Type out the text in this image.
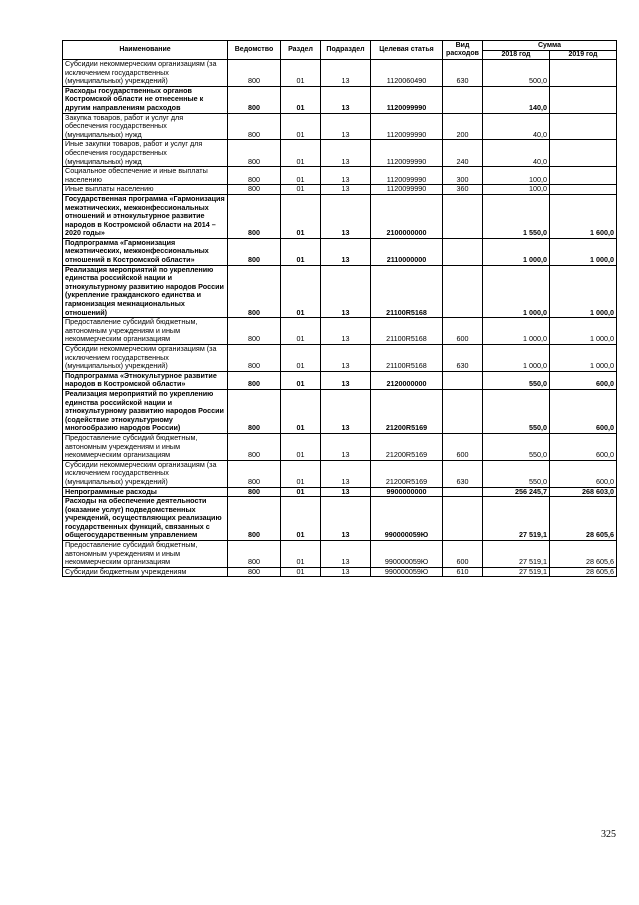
Наименование	Ведомство	Раздел	Подраздел	Целевая статья	Вид расходов	Сумма	
						2018 год	2019 год
Субсидии некоммерческим организациям (за исключением государственных (муниципальных) учреждений)	800	01	13	1120060490	630	500,0	
Расходы государственных органов Костромской области не отнесенные к другим направлениям расходов	800	01	13	1120099990		140,0	
Закупка товаров, работ и услуг для обеспечения государственных (муниципальных) нужд	800	01	13	1120099990	200	40,0	
Иные закупки товаров, работ и услуг для обеспечения государственных (муниципальных) нужд	800	01	13	1120099990	240	40,0	
Социальное обеспечение и иные выплаты населению	800	01	13	1120099990	300	100,0	
Иные выплаты населению	800	01	13	1120099990	360	100,0	
Государственная программа «Гармонизация межэтнических, межконфессиональных отношений и этнокультурное развитие народов в Костромской области на 2014 – 2020 годы»	800	01	13	2100000000		1 550,0	1 600,0
Подпрограмма «Гармонизация межэтнических, межконфессиональных отношений в Костромской области»	800	01	13	2110000000		1 000,0	1 000,0
Реализация мероприятий по укреплению единства российской нации и этнокультурному развитию народов России (укрепление гражданского единства и гармонизация межнациональных отношений)	800	01	13	21100R5168		1 000,0	1 000,0
Предоставление субсидий бюджетным, автономным учреждениям и иным некоммерческим организациям	800	01	13	21100R5168	600	1 000,0	1 000,0
Субсидии некоммерческим организациям (за исключением государственных (муниципальных) учреждений)	800	01	13	21100R5168	630	1 000,0	1 000,0
Подпрограмма «Этнокультурное развитие народов в Костромской области»	800	01	13	2120000000		550,0	600,0
Реализация мероприятий по укреплению единства российской нации и этнокультурному развитию народов России (содействие этнокультурному многообразию народов России)	800	01	13	21200R5169		550,0	600,0
Предоставление субсидий бюджетным, автономным учреждениям и иным некоммерческим организациям	800	01	13	21200R5169	600	550,0	600,0
Субсидии некоммерческим организациям (за исключением государственных (муниципальных) учреждений)	800	01	13	21200R5169	630	550,0	600,0
Непрограммные расходы	800	01	13	9900000000		256 245,7	268 603,0
Расходы на обеспечение деятельности (оказание услуг) подведомственных учреждений, осуществляющих реализацию государственных функций, связанных с общегосударственным управлением	800	01	13	990000059Ю		27 519,1	28 605,6
Предоставление субсидий бюджетным, автономным учреждениям и иным некоммерческим организациям	800	01	13	990000059Ю	600	27 519,1	28 605,6
Субсидии бюджетным учреждениям	800	01	13	990000059Ю	610	27 519,1	28 605,6
325
